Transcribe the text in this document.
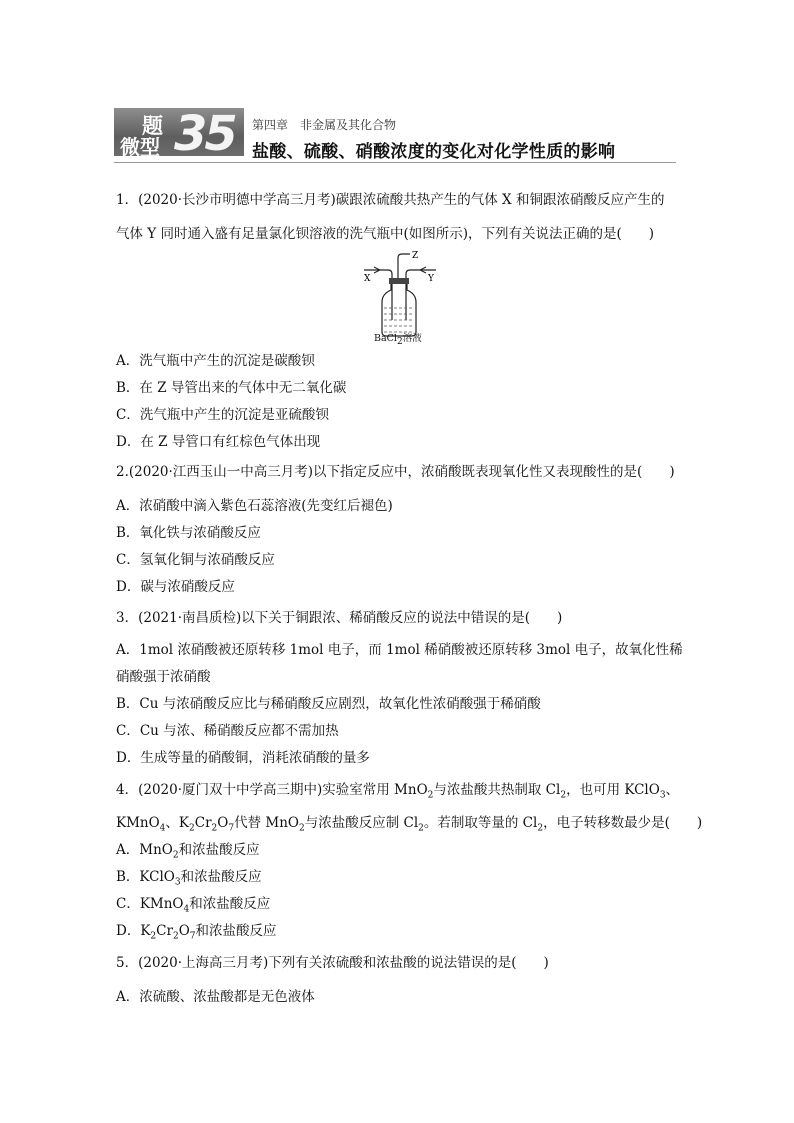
题
微型 35 第四章　非金属及其化合物
盐酸、硫酸、硝酸浓度的变化对化学性质的影响
1．(2020·长沙市明德中学高三月考)碳跟浓硫酸共热产生的气体 X 和铜跟浓硝酸反应产生的
气体 Y 同时通入盛有足量氯化钡溶液的洗气瓶中(如图所示)，下列有关说法正确的是(　　)
Z
X	Y
BaCl$_2$溶液
A．洗气瓶中产生的沉淀是碳酸钡
B．在 Z 导管出来的气体中无二氧化碳
C．洗气瓶中产生的沉淀是亚硫酸钡
D．在 Z 导管口有红棕色气体出现
2.(2020·江西玉山一中高三月考)以下指定反应中，浓硝酸既表现氧化性又表现酸性的是(　　)
A．浓硝酸中滴入紫色石蕊溶液(先变红后褪色)
B．氧化铁与浓硝酸反应
C．氢氧化铜与浓硝酸反应
D．碳与浓硝酸反应
3．(2021·南昌质检)以下关于铜跟浓、稀硝酸反应的说法中错误的是(　　)
A．1mol 浓硝酸被还原转移 1mol 电子，而 1mol 稀硝酸被还原转移 3mol 电子，故氧化性稀
硝酸强于浓硝酸
B．Cu 与浓硝酸反应比与稀硝酸反应剧烈，故氧化性浓硝酸强于稀硝酸
C．Cu 与浓、稀硝酸反应都不需加热
D．生成等量的硝酸铜，消耗浓硝酸的量多
4．(2020·厦门双十中学高三期中)实验室常用 MnO$_2$与浓盐酸共热制取 $Cl_2$，也可用 KClO$_3$、
KMnO$_4$、$K_2Cr_2O_7$代替 MnO$_2$与浓盐酸反应制 $Cl_2$。若制取等量的 $Cl_2$，电子转移数最少是(　　)
A．MnO$_2$和浓盐酸反应
B．KClO$_3$和浓盐酸反应
C．KMnO$_4$和浓盐酸反应
D．$K_2Cr_2O_7$和浓盐酸反应
5．(2020·上海高三月考)下列有关浓硫酸和浓盐酸的说法错误的是(　　)
A．浓硫酸、浓盐酸都是无色液体
